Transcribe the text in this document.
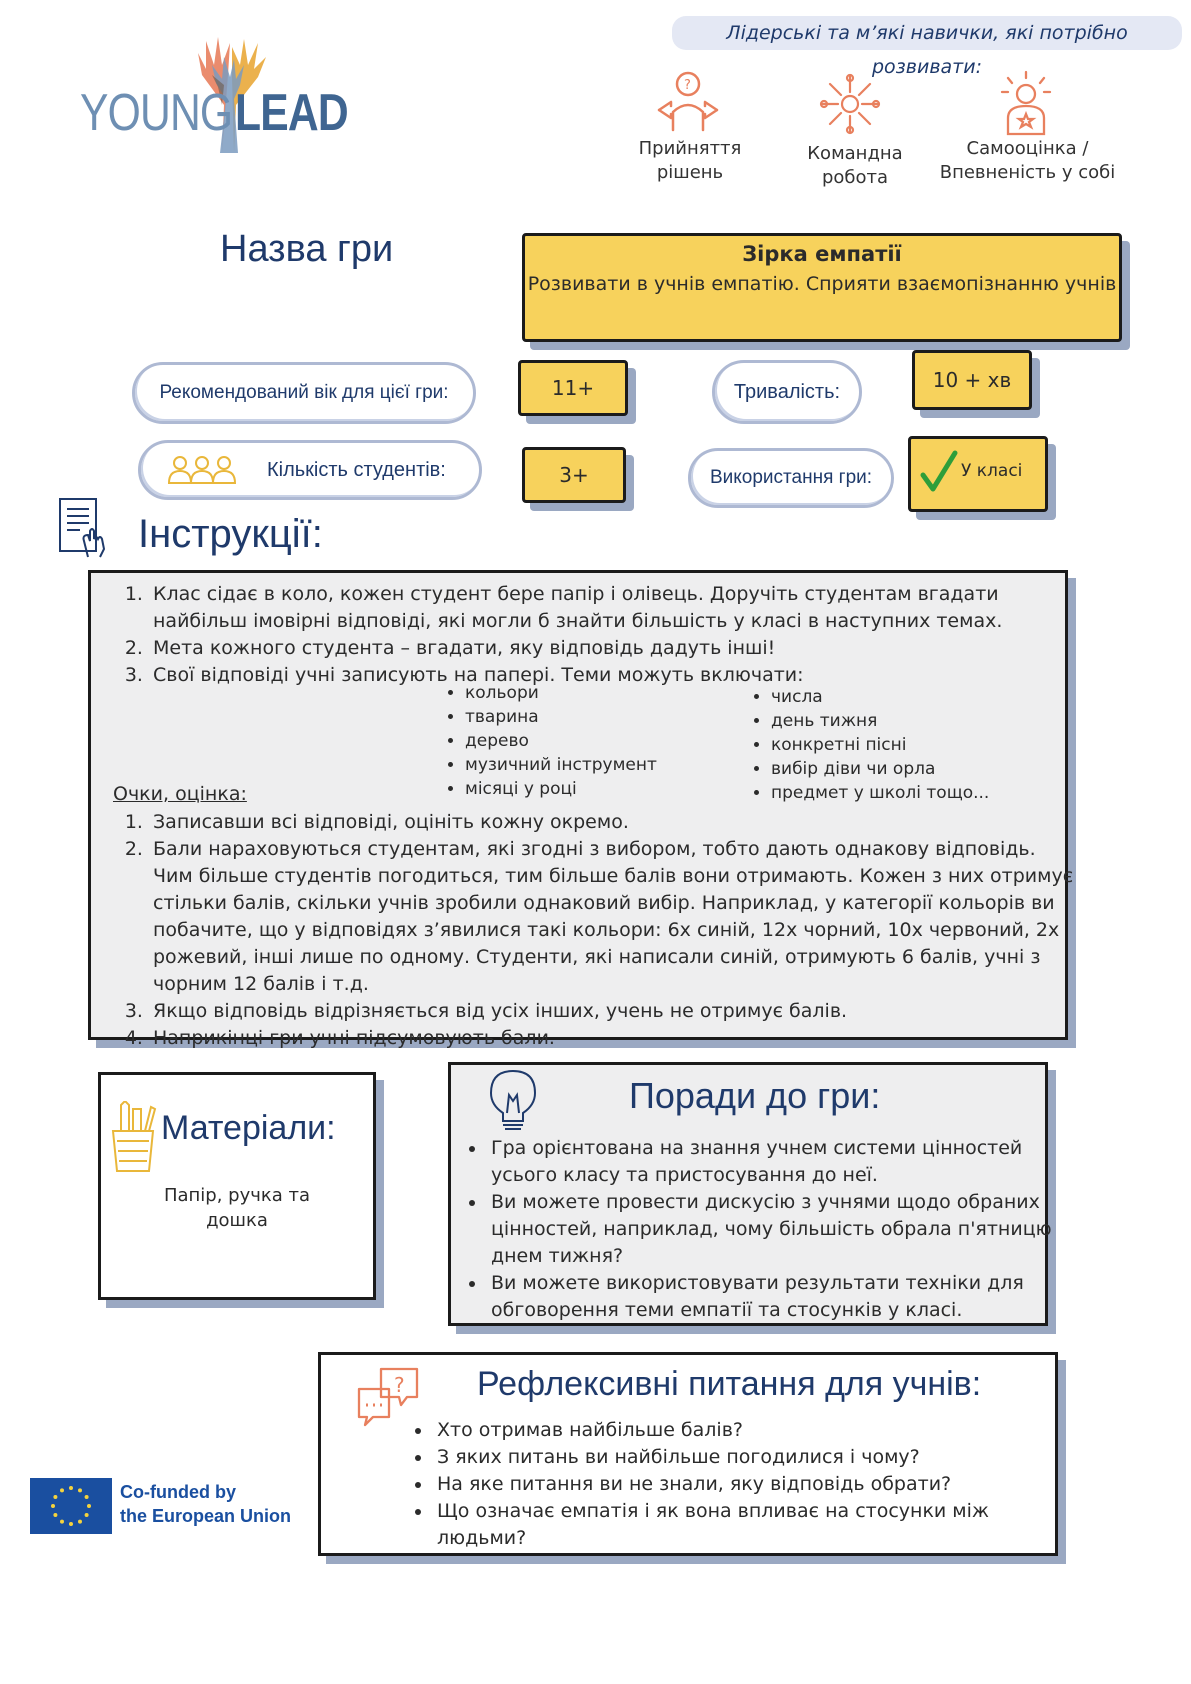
Лідерські та м’які навички, які потрібно розвивати:
?
Прийняття
рішень
Командна
робота
Самооцінка /
Впевненість у собі
YOUNG LEAD
Назва гри	Зірка емпатії
Розвивати в учнів емпатію. Сприяти взаємопізнанню учнів
Рекомендований вік для цієї гри:	11+	Тривалість:	10 + хв
Кількість студентів:	3+	Використання гри:	У класі
Інструкції:
1. Клас сідає в коло, кожен студент бере папір і олівець. Доручіть студентам вгадати найбільш імовірні відповіді, які могли б знайти більшість у класі в наступних темах.
2. Мета кожного студента – вгадати, яку відповідь дадуть інші!
3. Свої відповіді учні записують на папері. Теми можуть включати:
• кольори
• тварина
• дерево
• музичний інструмент
• місяці у році
• числа
• день тижня
• конкретні пісні
• вибір діви чи орла
• предмет у школі тощо...
Очки, оцінка:
1. Записавши всі відповіді, оцініть кожну окремо.
2. Бали нараховуються студентам, які згодні з вибором, тобто дають однакову відповідь. Чим більше студентів погодиться, тим більше балів вони отримають. Кожен з них отримує стільки балів, скільки учнів зробили однаковий вибір. Наприклад, у категорії кольорів ви побачите, що у відповідях з’явилися такі кольори: 6x синій, 12x чорний, 10x червоний, 2x рожевий, інші лише по одному. Студенти, які написали синій, отримують 6 балів, учні з чорним 12 балів і т.д.
3. Якщо відповідь відрізняється від усіх інших, учень не отримує балів.
4. Наприкінці гри учні підсумовують бали.
Матеріали:
Папір, ручка та
дошка
Поради до гри:
• Гра орієнтована на знання учнем системи цінностей усього класу та пристосування до неї.
• Ви можете провести дискусію з учнями щодо обраних цінностей, наприклад, чому більшість обрала п'ятницю днем тижня?
• Ви можете використовувати результати техніки для обговорення теми емпатії та стосунків у класі.
? Рефлексивні питання для учнів:
• Хто отримав найбільше балів?
• З яких питань ви найбільше погодилися і чому?
• На яке питання ви не знали, яку відповідь обрати?
• Що означає емпатія і як вона впливає на стосунки між людьми?
Co-funded by
the European Union
